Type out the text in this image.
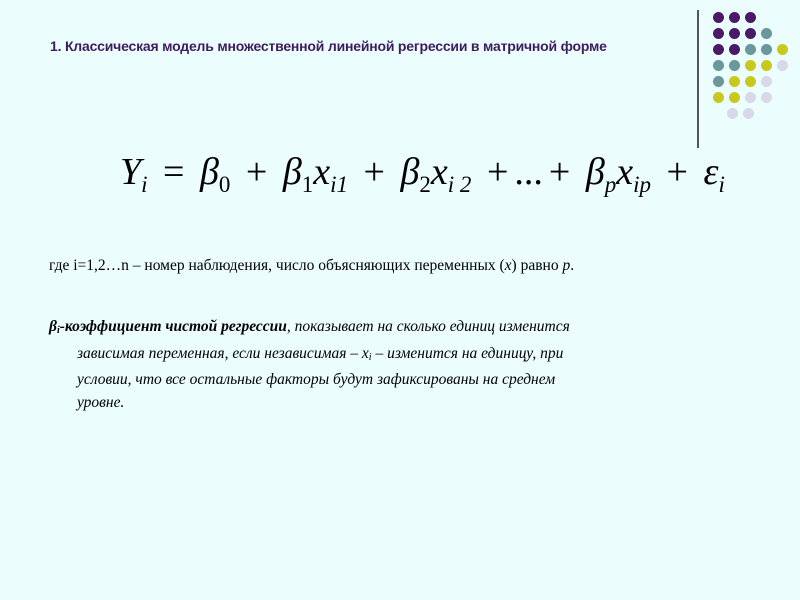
1. Классическая модель множественной линейной регрессии в матричной форме
$Y_i = \beta_0 + \beta_1x_{i1} + \beta_2x_{i 2}$ + ... + $\beta_px_{ip} + \varepsilon_i$
где i=1,2…n – номер наблюдения, число объясняющих переменных (x) равно p.
$\beta_i$-коэффициент чистой регрессии, показывает на сколько единиц изменится
зависимая переменная, если независимая – $x_i$ – изменится на единицу, при
условии, что все остальные факторы будут зафиксированы на среднем
уровне.
